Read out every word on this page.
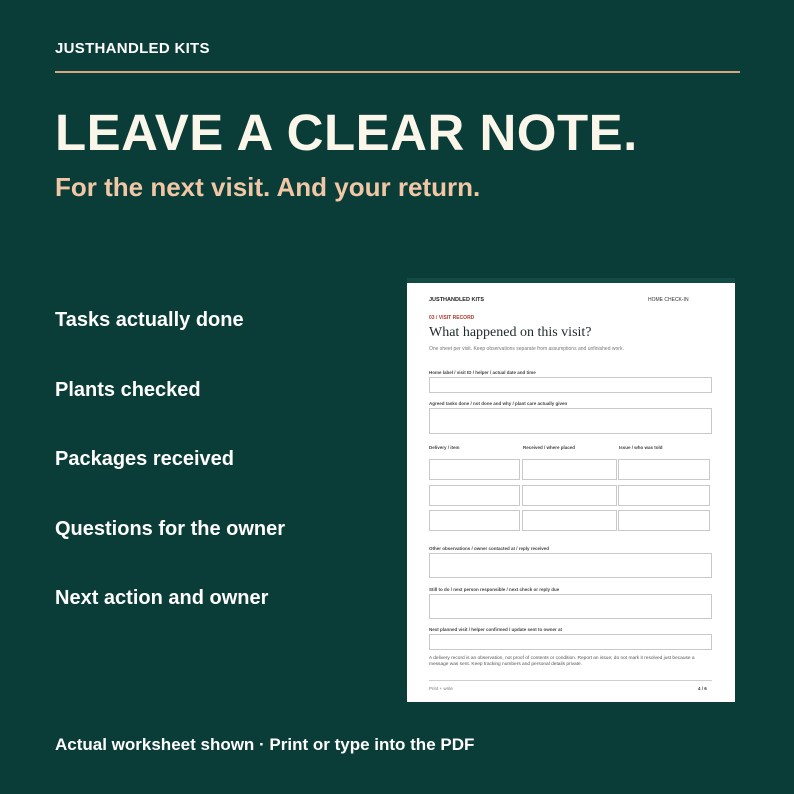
JUSTHANDLED KITS
LEAVE A CLEAR NOTE.
For the next visit. And your return.
Tasks actually done
Plants checked
Packages received
Questions for the owner
Next action and owner
JUSTHANDLED KITS	HOME CHECK-IN
03 / VISIT RECORD
What happened on this visit?
One sheet per visit. Keep observations separate from assumptions and unfinished work.
Home label / visit ID / helper / actual date and time
Agreed tasks done / not done and why / plant care actually given
Delivery / item	Received / where placed	Issue / who was told
Other observations / owner contacted at / reply received
Still to do / next person responsible / next check or reply due
Next planned visit / helper confirmed / update sent to owner at
A delivery record is an observation, not proof of contents or condition. Report an issue; do not mark it resolved just because a message was sent. Keep tracking numbers and personal details private.
Print + write	4 / 6
Actual worksheet shown · Print or type into the PDF
